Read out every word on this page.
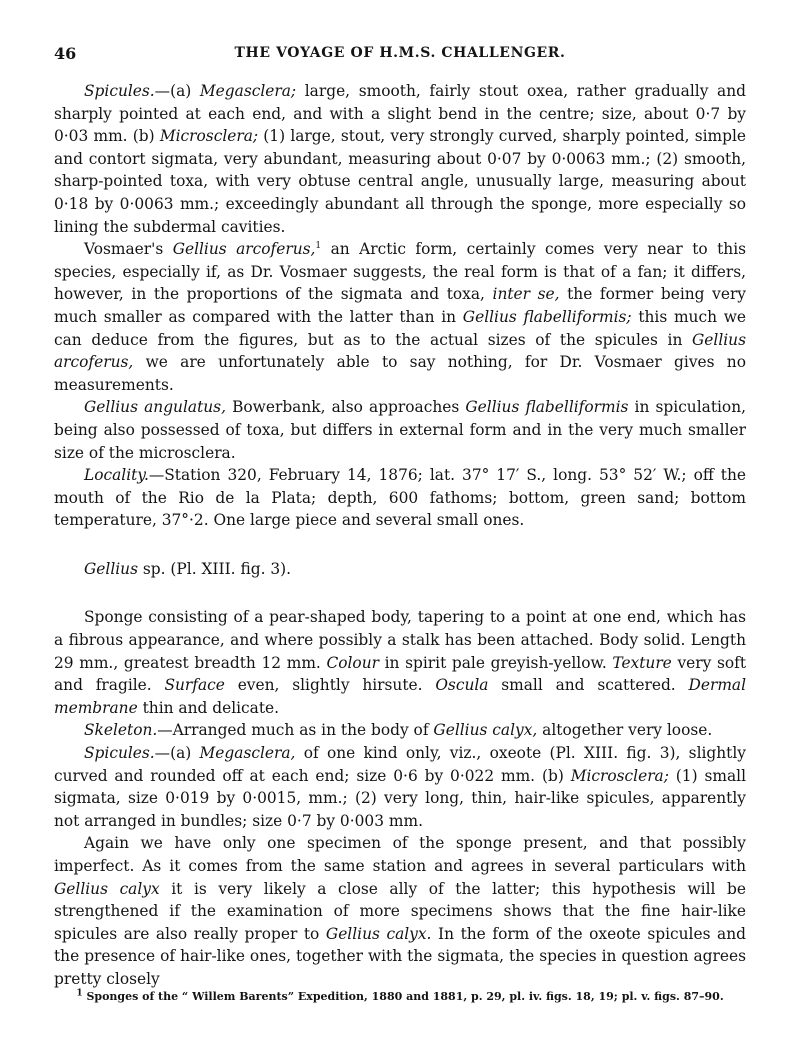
46	THE VOYAGE OF H.M.S. CHALLENGER.

Spicules.—(a) Megasclera; large, smooth, fairly stout oxea, rather gradually and sharply pointed at each end, and with a slight bend in the centre; size, about 0·7 by 0·03 mm. (b) Microsclera; (1) large, stout, very strongly curved, sharply pointed, simple and contort sigmata, very abundant, measuring about 0·07 by 0·0063 mm.; (2) smooth, sharp-pointed toxa, with very obtuse central angle, unusually large, measuring about 0·18 by 0·0063 mm.; exceedingly abundant all through the sponge, more especially so lining the subdermal cavities.

Vosmaer's Gellius arcoferus,$^1$ an Arctic form, certainly comes very near to this species, especially if, as Dr. Vosmaer suggests, the real form is that of a fan; it differs, however, in the proportions of the sigmata and toxa, inter se, the former being very much smaller as compared with the latter than in Gellius flabelliformis; this much we can deduce from the figures, but as to the actual sizes of the spicules in Gellius arcoferus, we are unfortunately able to say nothing, for Dr. Vosmaer gives no measurements.

Gellius angulatus, Bowerbank, also approaches Gellius flabelliformis in spiculation, being also possessed of toxa, but differs in external form and in the very much smaller size of the microsclera.

Locality.—Station 320, February 14, 1876; lat. 37° 17′ S., long. 53° 52′ W.; off the mouth of the Rio de la Plata; depth, 600 fathoms; bottom, green sand; bottom temperature, 37°·2. One large piece and several small ones.

Gellius sp. (Pl. XIII. fig. 3).

Sponge consisting of a pear-shaped body, tapering to a point at one end, which has a fibrous appearance, and where possibly a stalk has been attached. Body solid. Length 29 mm., greatest breadth 12 mm. Colour in spirit pale greyish-yellow. Texture very soft and fragile. Surface even, slightly hirsute. Oscula small and scattered. Dermal membrane thin and delicate.

Skeleton.—Arranged much as in the body of Gellius calyx, altogether very loose.

Spicules.—(a) Megasclera, of one kind only, viz., oxeote (Pl. XIII. fig. 3), slightly curved and rounded off at each end; size 0·6 by 0·022 mm. (b) Microsclera; (1) small sigmata, size 0·019 by 0·0015, mm.; (2) very long, thin, hair-like spicules, apparently not arranged in bundles; size 0·7 by 0·003 mm.

Again we have only one specimen of the sponge present, and that possibly imperfect. As it comes from the same station and agrees in several particulars with Gellius calyx it is very likely a close ally of the latter; this hypothesis will be strengthened if the examination of more specimens shows that the fine hair-like spicules are also really proper to Gellius calyx. In the form of the oxeote spicules and the presence of hair-like ones, together with the sigmata, the species in question agrees pretty closely

$^1$ Sponges of the “ Willem Barents” Expedition, 1880 and 1881, p. 29, pl. iv. figs. 18, 19; pl. v. figs. 87–90.
